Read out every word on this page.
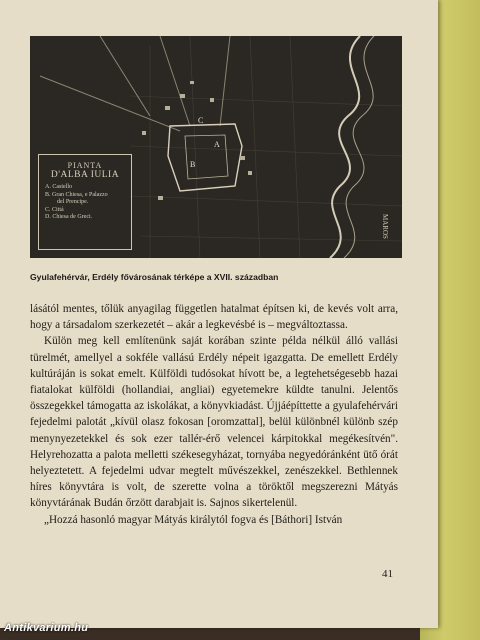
MAROS
A
B
C
PIANTA
D'ALBA IULIA
A. Castello
B. Gran Chiesa, e Palazzo
del Prencipe.
C. Cittá
D. Chiesa de Greci.
Gyulafehérvár, Erdély fővárosának térképe a XVII. században

lásától mentes, tőlük anyagilag független hatalmat építsen ki, de kevés volt arra, hogy a társadalom szerkezetét – akár a legkevésbé is – megváltoztassa.

Külön meg kell említenünk saját korában szinte példa nélkül álló vallási türelmét, amellyel a sokféle vallású Erdély népeit igazgatta. De emellett Erdély kultúráján is sokat emelt. Külföldi tudósokat hívott be, a legtehetségesebb hazai fiatalokat külföldi (hollandiai, angliai) egyetemekre küldte tanulni. Jelentős összegekkel támogatta az iskolákat, a könyvkiadást. Újjáépíttette a gyulafehérvári fejedelmi palotát „kívül olasz fokosan [oromzattal], belül különbnél különb szép menynyezetekkel és sok ezer tallér-érő velencei kárpitokkal megékesítvén". Helyrehozatta a palota melletti székesegyházat, tornyába negyedóránként ütő órát helyeztetett. A fejedelmi udvar megtelt művészekkel, zenészekkel. Bethlennek híres könyvtára is volt, de szerette volna a töröktől megszerezni Mátyás könyvtárának Budán őrzött darabjait is. Sajnos sikertelenül.

„Hozzá hasonló magyar Mátyás királytól fogva és [Báthori] István

41
Antikvarium.hu
